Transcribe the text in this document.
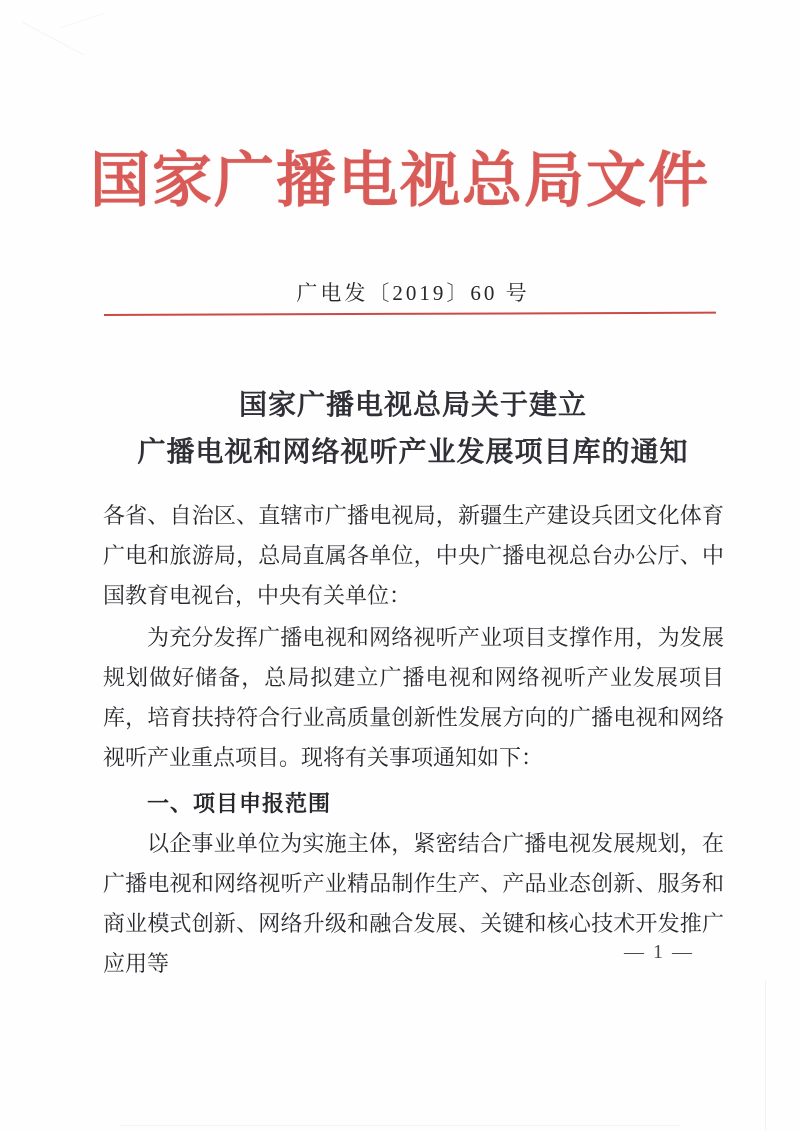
国家广播电视总局文件
广电发〔2019〕60 号
国家广播电视总局关于建立
广播电视和网络视听产业发展项目库的通知

各省、自治区、直辖市广播电视局，新疆生产建设兵团文化体育广电和旅游局，总局直属各单位，中央广播电视总台办公厅、中国教育电视台，中央有关单位：

为充分发挥广播电视和网络视听产业项目支撑作用，为发展规划做好储备，总局拟建立广播电视和网络视听产业发展项目库，培育扶持符合行业高质量创新性发展方向的广播电视和网络视听产业重点项目。现将有关事项通知如下：

一、项目申报范围

以企事业单位为实施主体，紧密结合广播电视发展规划，在广播电视和网络视听产业精品制作生产、产品业态创新、服务和商业模式创新、网络升级和融合发展、关键和核心技术开发推广应用等	— 1 —
